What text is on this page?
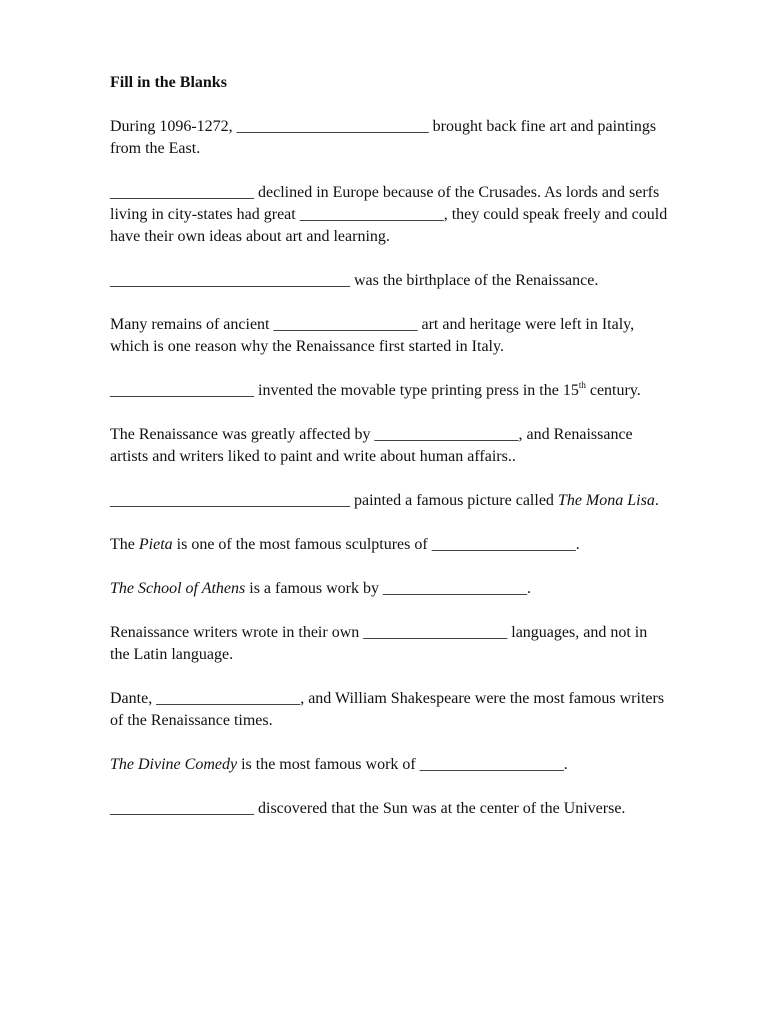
Fill in the Blanks

During 1096-1272, ________________________ brought back fine art and paintings from the East.

__________________ declined in Europe because of the Crusades. As lords and serfs living in city-states had great __________________, they could speak freely and could have their own ideas about art and learning.

______________________________ was the birthplace of the Renaissance.

Many remains of ancient __________________ art and heritage were left in Italy, which is one reason why the Renaissance first started in Italy.

__________________ invented the movable type printing press in the 15th century.

The Renaissance was greatly affected by __________________, and Renaissance artists and writers liked to paint and write about human affairs..

______________________________ painted a famous picture called The Mona Lisa.

The Pieta is one of the most famous sculptures of __________________.

The School of Athens is a famous work by __________________.

Renaissance writers wrote in their own __________________ languages, and not in the Latin language.

Dante, __________________, and William Shakespeare were the most famous writers of the Renaissance times.

The Divine Comedy is the most famous work of __________________.

__________________ discovered that the Sun was at the center of the Universe.
